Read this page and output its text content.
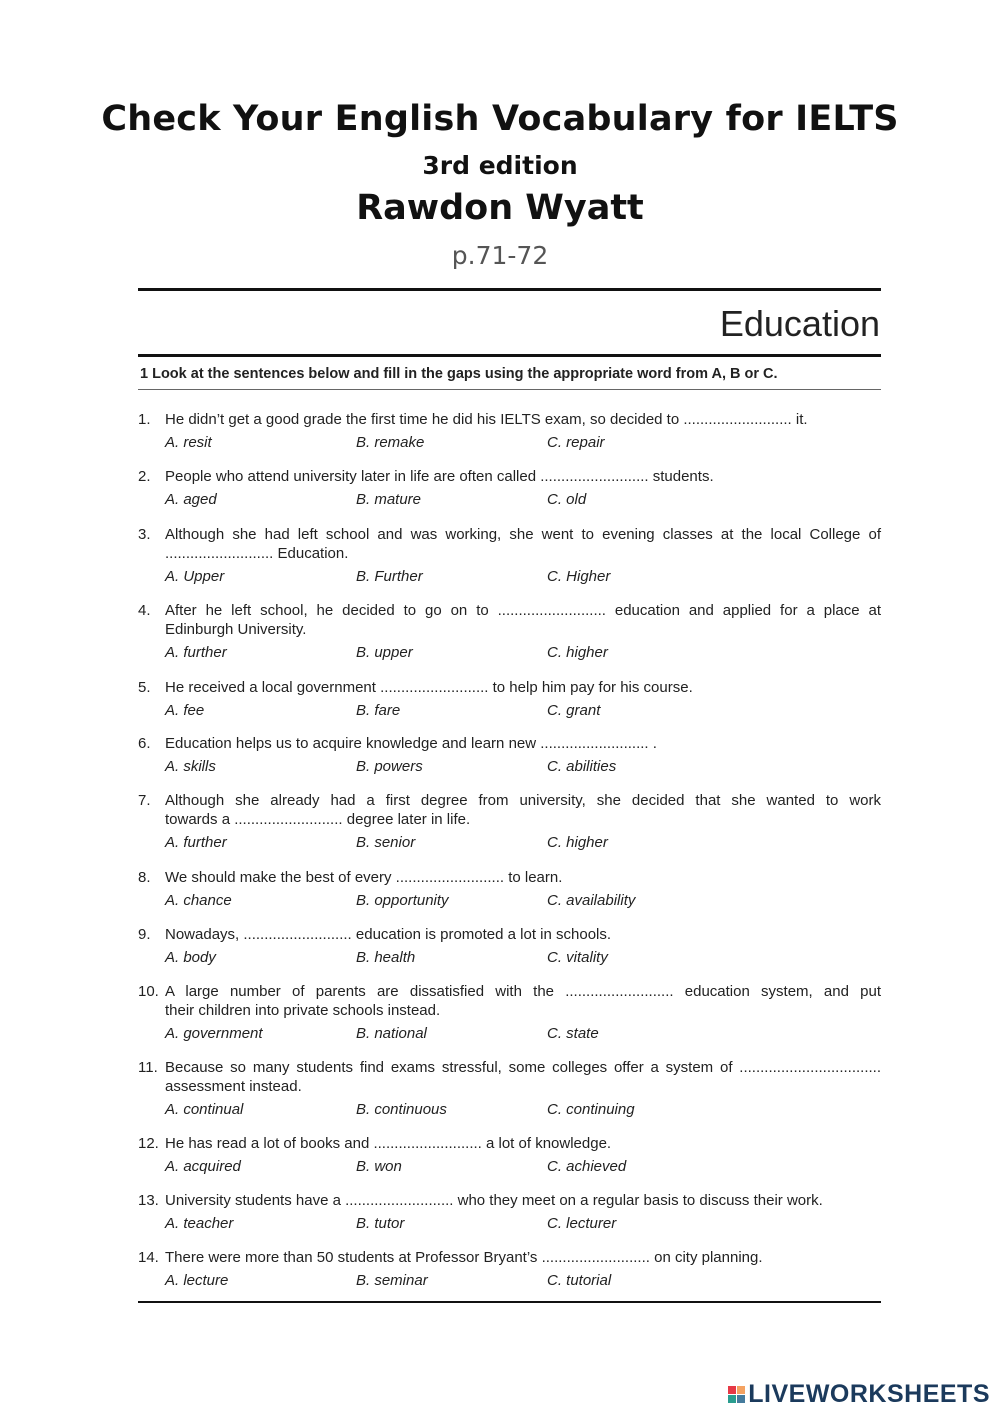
Check Your English Vocabulary for IELTS
3rd edition
Rawdon Wyatt
p.71-72
Education
1 Look at the sentences below and fill in the gaps using the appropriate word from A, B or C.
1. He didn’t get a good grade the first time he did his IELTS exam, so decided to .......................... it.
A. resit	B. remake	C. repair
2. People who attend university later in life are often called .......................... students.
A. aged	B. mature	C. old
3. Although she had left school and was working, she went to evening classes at the local College of
.......................... Education.
A. Upper	B. Further	C. Higher
4. After he left school, he decided to go on to .......................... education and applied for a place at
Edinburgh University.
A. further	B. upper	C. higher
5. He received a local government .......................... to help him pay for his course.
A. fee	B. fare	C. grant
6. Education helps us to acquire knowledge and learn new .......................... .
A. skills	B. powers	C. abilities
7. Although she already had a first degree from university, she decided that she wanted to work
towards a .......................... degree later in life.
A. further	B. senior	C. higher
8. We should make the best of every .......................... to learn.
A. chance	B. opportunity	C. availability
9. Nowadays, .......................... education is promoted a lot in schools.
A. body	B. health	C. vitality
10. A large number of parents are dissatisfied with the .......................... education system, and put
their children into private schools instead.
A. government	B. national	C. state
11. Because so many students find exams stressful, some colleges offer a system of ..................................
assessment instead.
A. continual	B. continuous	C. continuing
12. He has read a lot of books and .......................... a lot of knowledge.
A. acquired	B. won	C. achieved
13. University students have a .......................... who they meet on a regular basis to discuss their work.
A. teacher	B. tutor	C. lecturer
14. There were more than 50 students at Professor Bryant’s .......................... on city planning.
A. lecture	B. seminar	C. tutorial
LIVEWORKSHEETS
